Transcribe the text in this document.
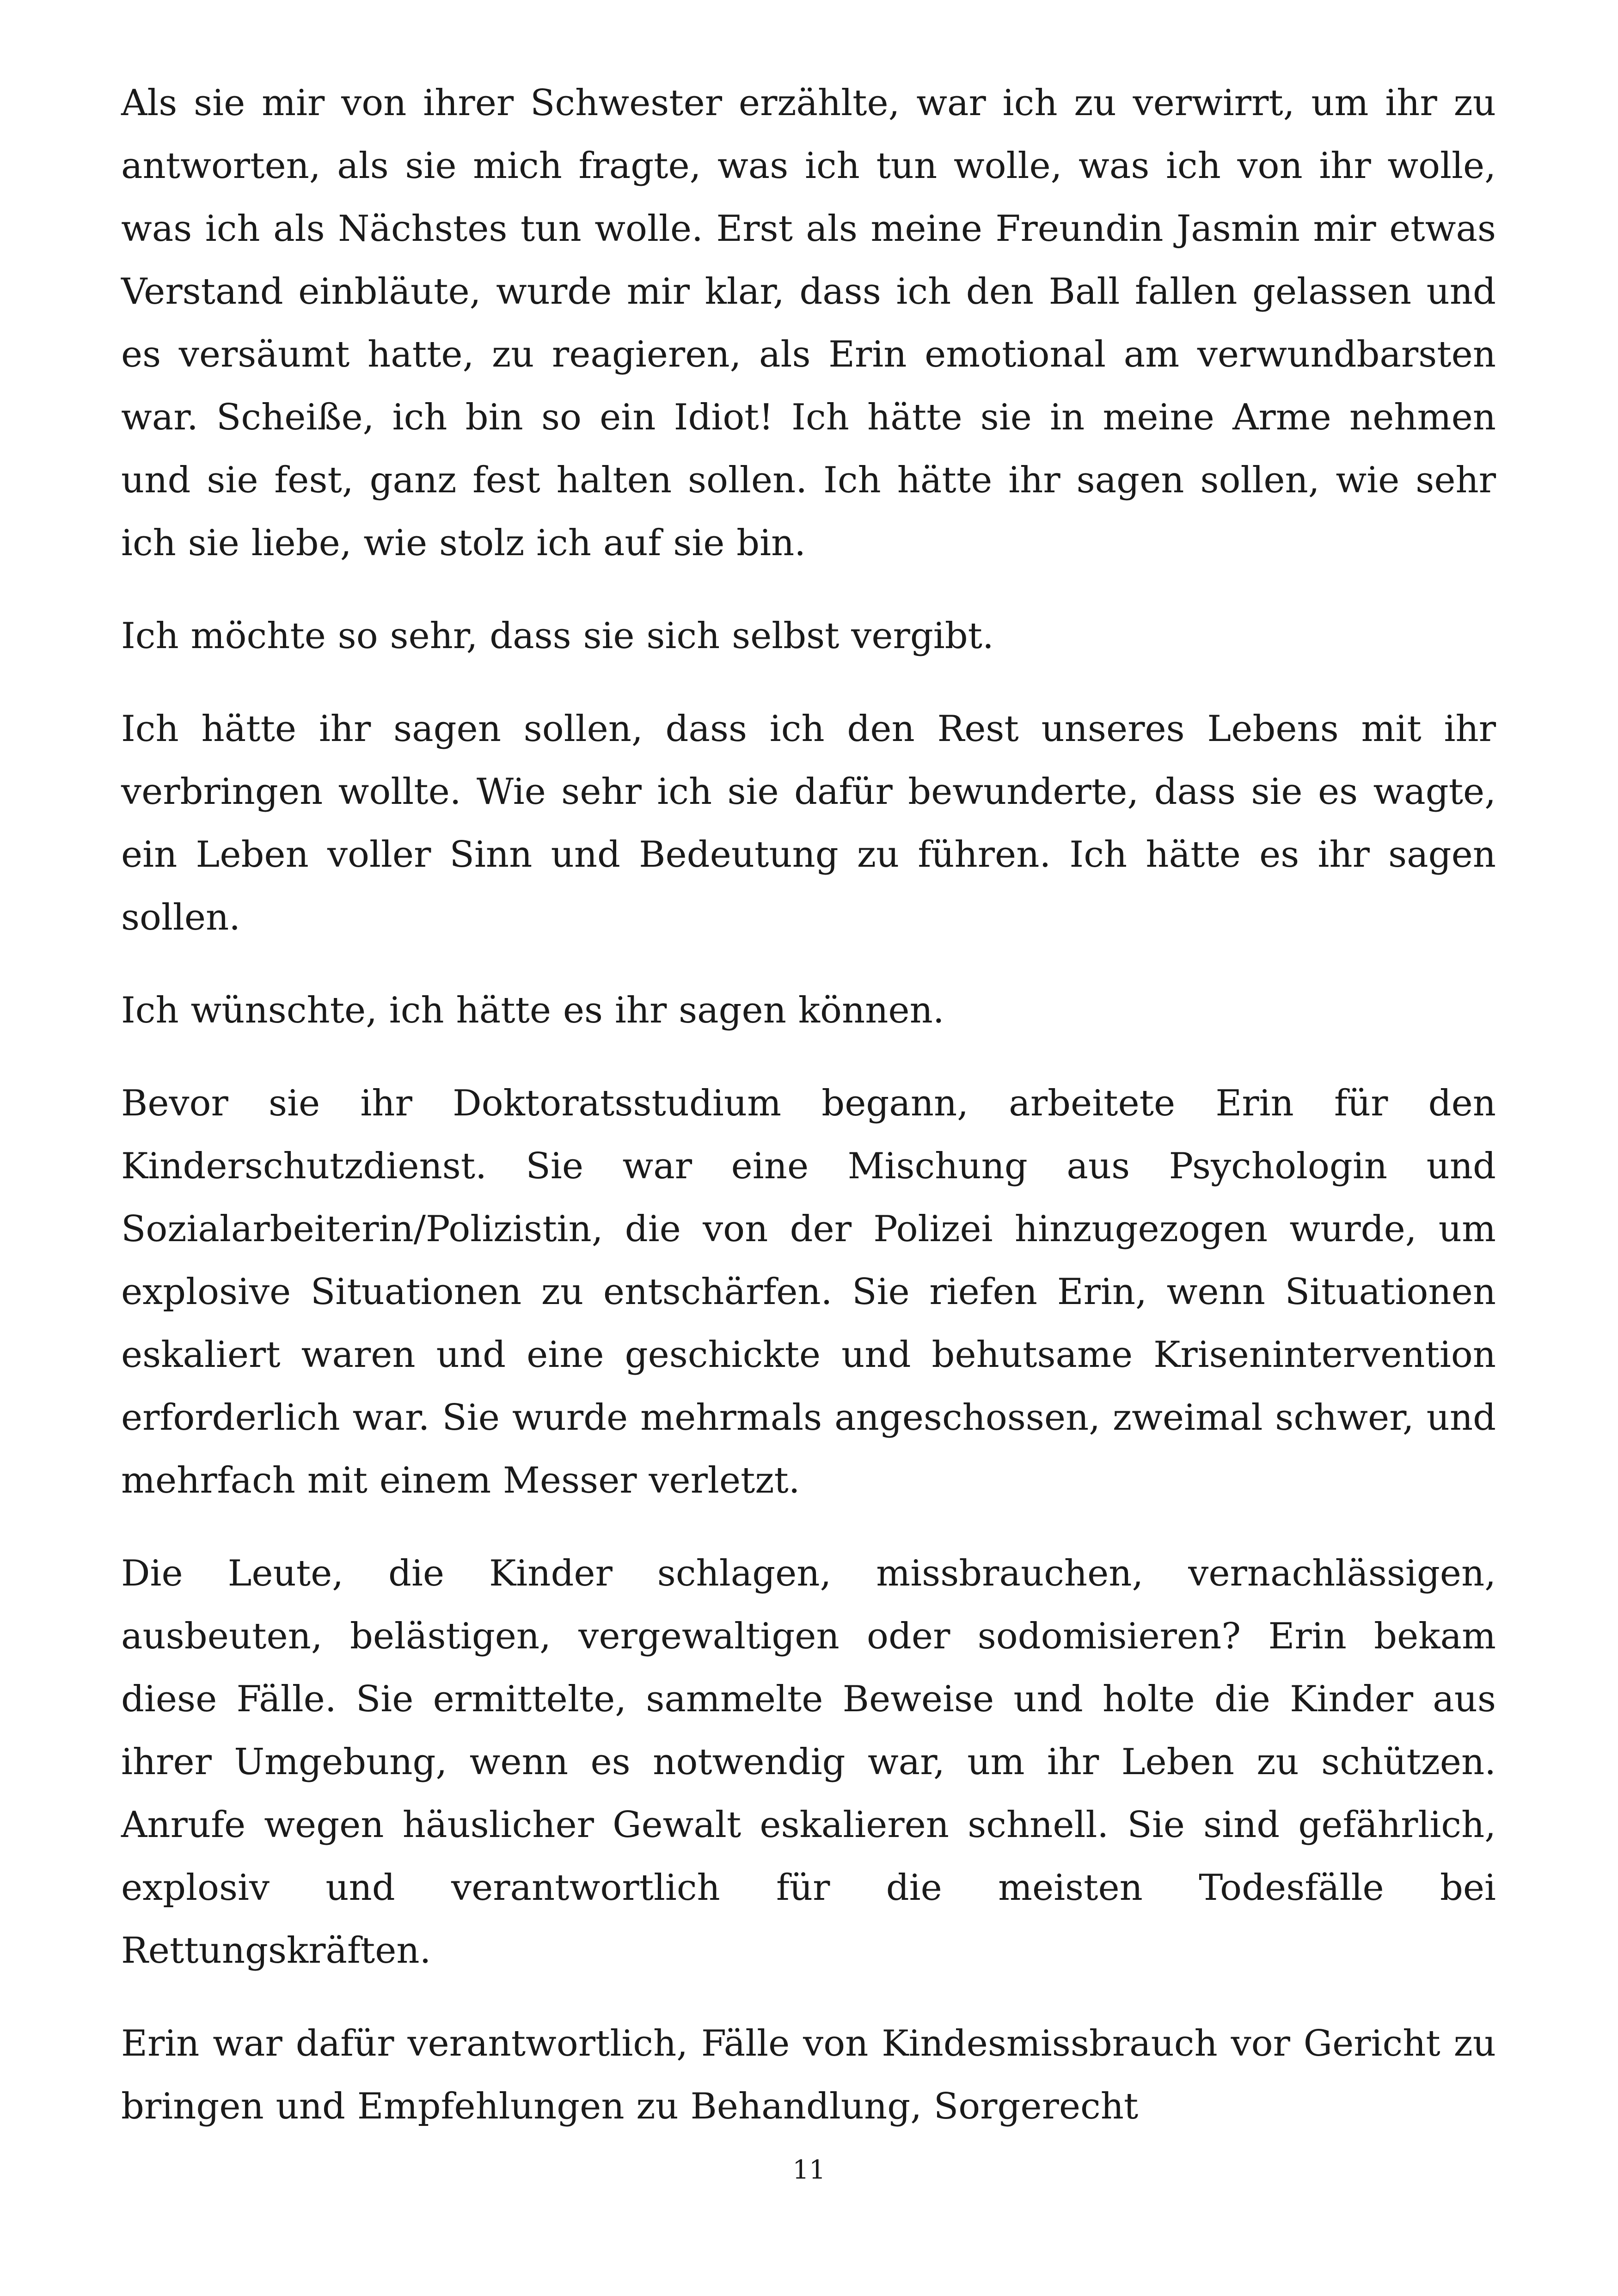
Als sie mir von ihrer Schwester erzählte, war ich zu verwirrt, um ihr zu antworten, als sie mich fragte, was ich tun wolle, was ich von ihr wolle, was ich als Nächstes tun wolle. Erst als meine Freundin Jasmin mir etwas Verstand einbläute, wurde mir klar, dass ich den Ball fallen gelassen und es versäumt hatte, zu reagieren, als Erin emotional am verwundbarsten war. Scheiße, ich bin so ein Idiot! Ich hätte sie in meine Arme nehmen und sie fest, ganz fest halten sollen. Ich hätte ihr sagen sollen, wie sehr ich sie liebe, wie stolz ich auf sie bin.

Ich möchte so sehr, dass sie sich selbst vergibt.

Ich hätte ihr sagen sollen, dass ich den Rest unseres Lebens mit ihr verbringen wollte. Wie sehr ich sie dafür bewunderte, dass sie es wagte, ein Leben voller Sinn und Bedeutung zu führen. Ich hätte es ihr sagen sollen.

Ich wünschte, ich hätte es ihr sagen können.

Bevor sie ihr Doktoratsstudium begann, arbeitete Erin für den Kinderschutzdienst. Sie war eine Mischung aus Psychologin und Sozialarbeiterin/Polizistin, die von der Polizei hinzugezogen wurde, um explosive Situationen zu entschärfen. Sie riefen Erin, wenn Situationen eskaliert waren und eine geschickte und behutsame Krisenintervention erforderlich war. Sie wurde mehrmals angeschossen, zweimal schwer, und mehrfach mit einem Messer verletzt.

Die Leute, die Kinder schlagen, missbrauchen, vernachlässigen, ausbeuten, belästigen, vergewaltigen oder sodomisieren? Erin bekam diese Fälle. Sie ermittelte, sammelte Beweise und holte die Kinder aus ihrer Umgebung, wenn es notwendig war, um ihr Leben zu schützen. Anrufe wegen häuslicher Gewalt eskalieren schnell. Sie sind gefährlich, explosiv und verantwortlich für die meisten Todesfälle bei Rettungskräften.

Erin war dafür verantwortlich, Fälle von Kindesmissbrauch vor Gericht zu bringen und Empfehlungen zu Behandlung, Sorgerecht

11
